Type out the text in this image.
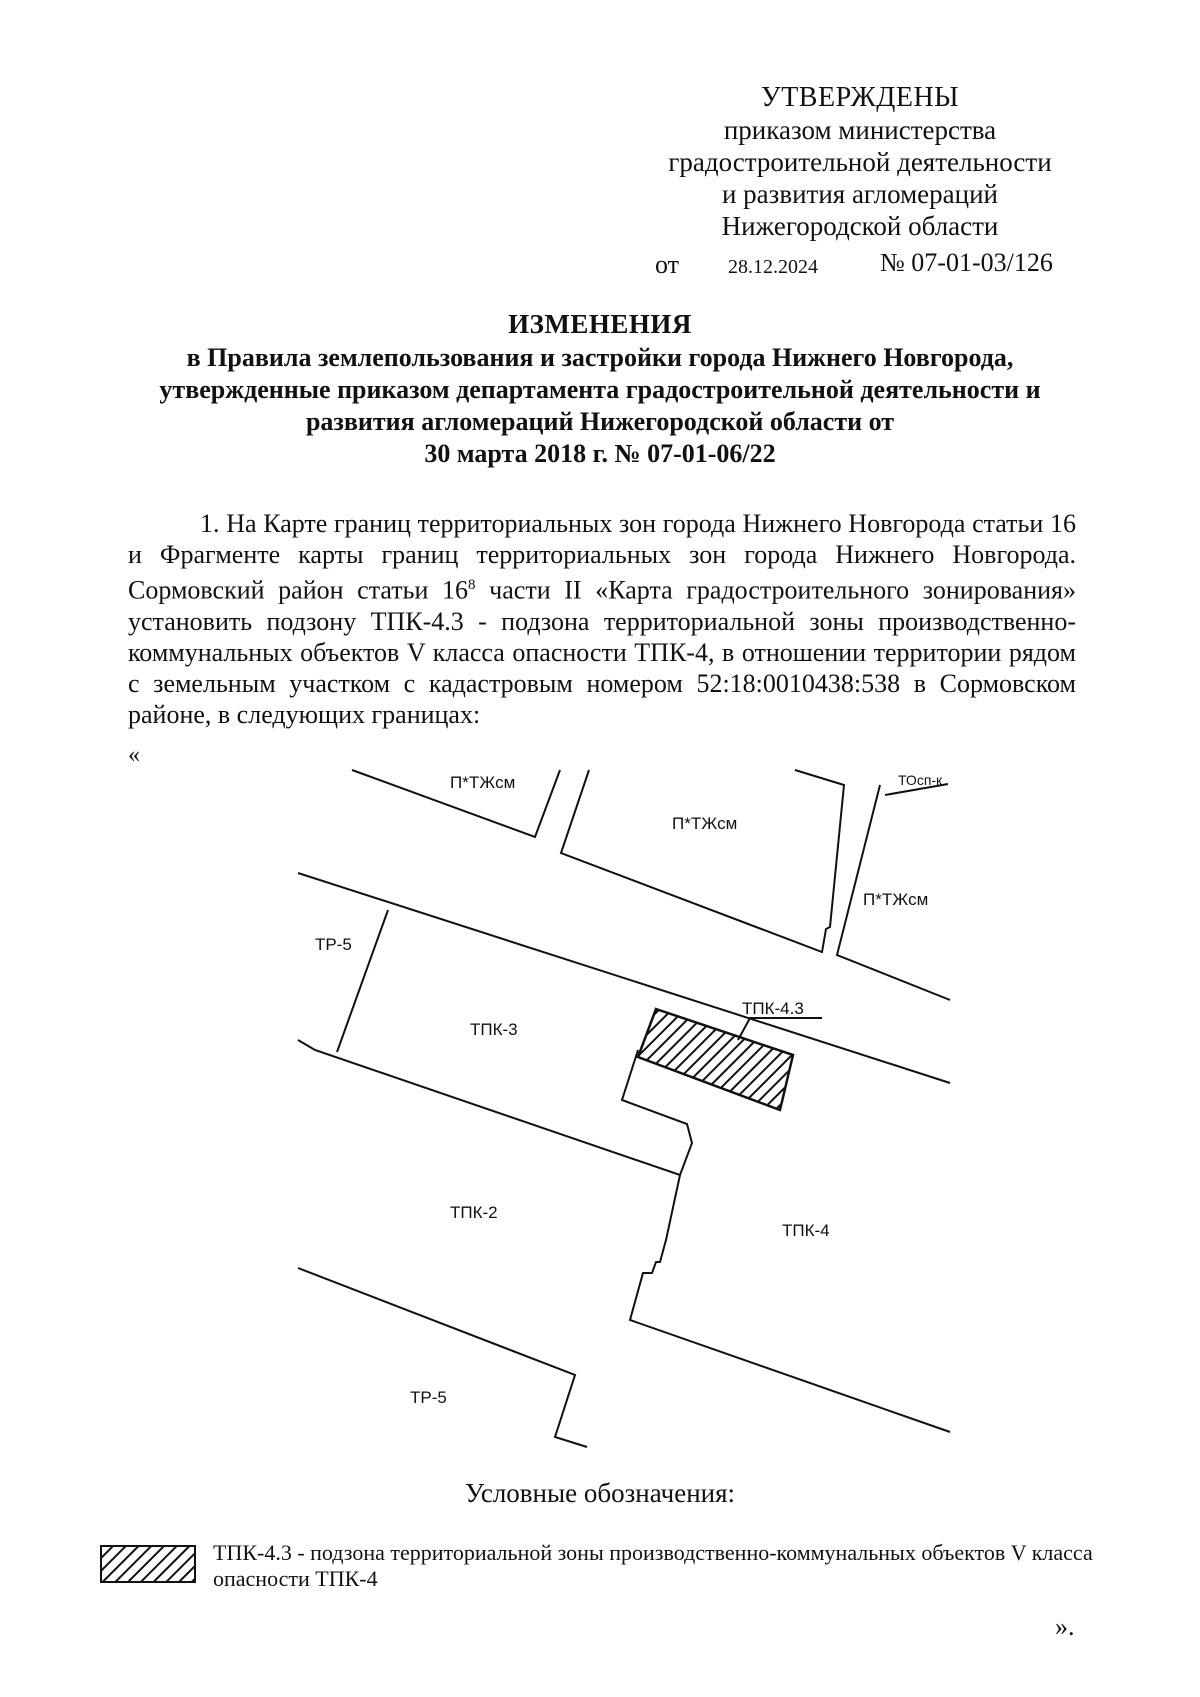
УТВЕРЖДЕНЫ
приказом министерства
градостроительной деятельности
и развития агломераций
Нижегородской области
от 28.12.2024 № 07-01-03/126
ИЗМЕНЕНИЯ
в Правила землепользования и застройки города Нижнего Новгорода,
утвержденные приказом департамента градостроительной деятельности и
развития агломераций Нижегородской области от
30 марта 2018 г. № 07-01-06/22
1. На Карте границ территориальных зон города Нижнего Новгорода статьи 16 и Фрагменте карты границ территориальных зон города Нижнего Новгорода. Сормовский район статьи $16^8$ части II «Карта градостроительного зонирования» установить подзону ТПК-4.3 - подзона территориальной зоны производственно-коммунальных объектов V класса опасности ТПК-4, в отношении территории рядом с земельным участком с кадастровым номером 52:18:0010438:538 в Сормовском районе, в следующих границах:
«
П*ТЖсм
П*ТЖсм
П*ТЖсм
ТОсп-к
ТР-5
ТПК-3
ТПК-4.3
ТПК-2
ТПК-4
ТР-5
Условные обозначения:
ТПК-4.3 - подзона территориальной зоны производственно-коммунальных объектов V класса опасности ТПК-4
».
